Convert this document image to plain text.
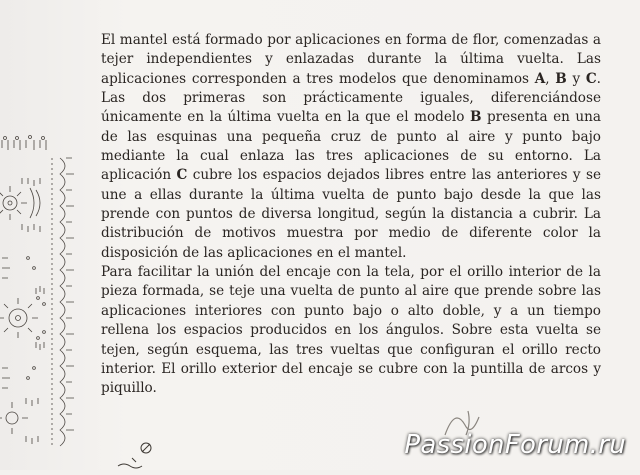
El mantel está formado por aplicaciones en forma de flor, comenzadas a tejer independientes y enlazadas durante la última vuelta. Las aplicaciones corresponden a tres modelos que denominamos A, B y C. Las dos primeras son prácticamente iguales, diferenciándose únicamente en la última vuelta en la que el modelo B presenta en una de las esquinas una pequeña cruz de punto al aire y punto bajo mediante la cual enlaza las tres aplicaciones de su entorno. La aplicación C cubre los espacios dejados libres entre las anteriores y se une a ellas durante la última vuelta de punto bajo desde la que las prende con puntos de diversa longitud, según la distancia a cubrir. La distribución de motivos muestra por medio de diferente color la disposición de las aplicaciones en el mantel.

Para facilitar la unión del encaje con la tela, por el orillo interior de la pieza formada, se teje una vuelta de punto al aire que prende sobre las aplicaciones interiores con punto bajo o alto doble, y a un tiempo rellena los espacios producidos en los ángulos. Sobre esta vuelta se tejen, según esquema, las tres vueltas que configuran el orillo recto interior. El orillo exterior del encaje se cubre con la puntilla de arcos y piquillo.

PassionForum.ru
